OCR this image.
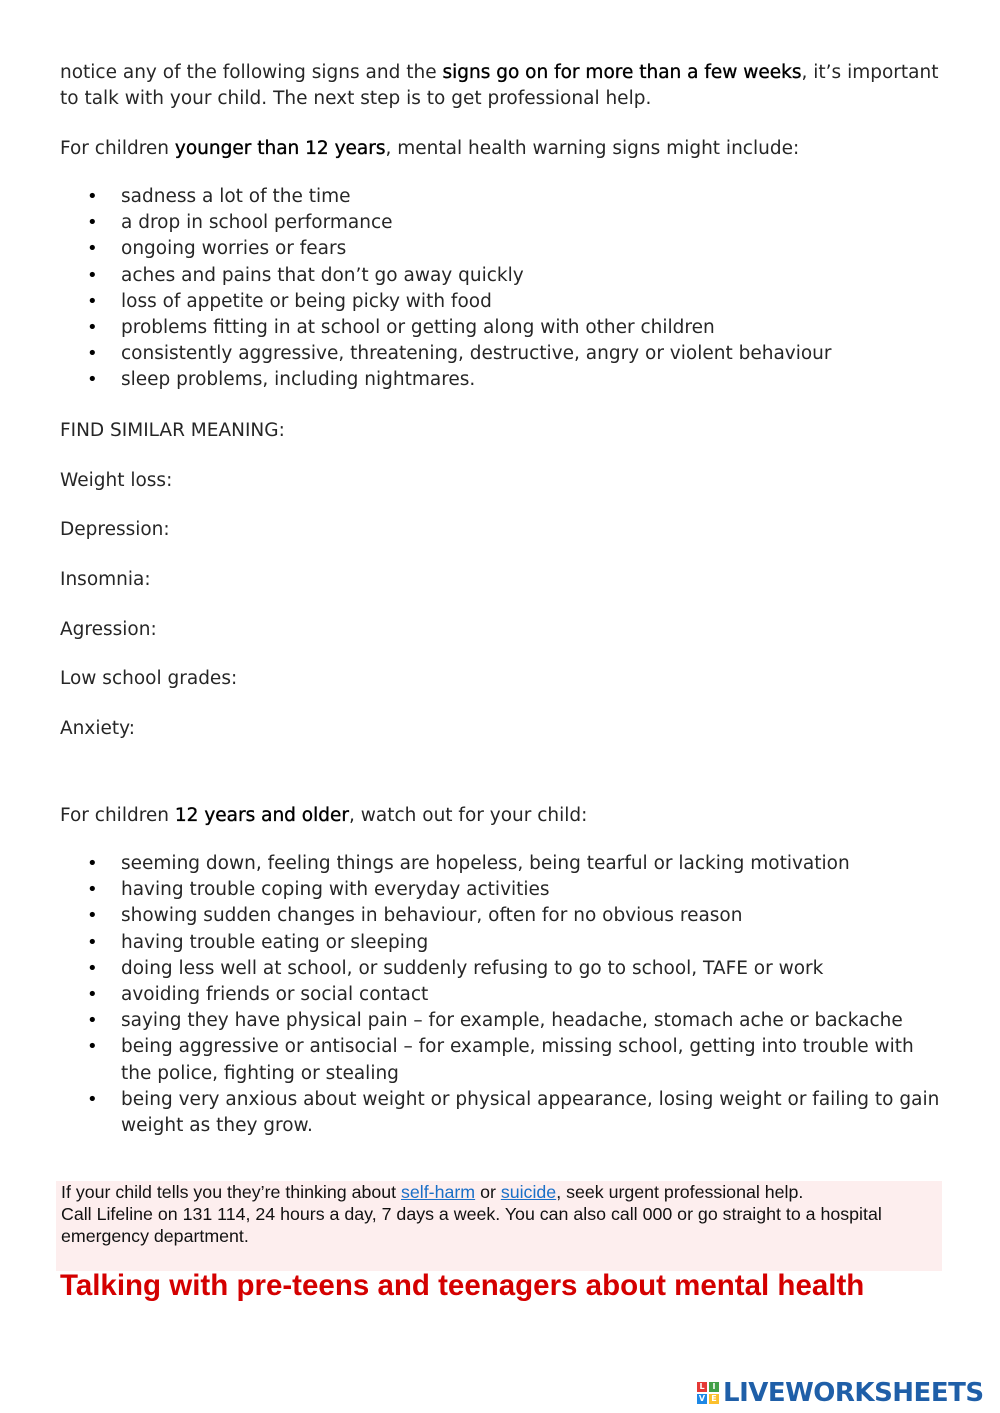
notice any of the following signs and the signs go on for more than a few weeks, it’s important to talk with your child. The next step is to get professional help.

For children younger than 12 years, mental health warning signs might include:

• sadness a lot of the time
• a drop in school performance
• ongoing worries or fears
• aches and pains that don’t go away quickly
• loss of appetite or being picky with food
• problems fitting in at school or getting along with other children
• consistently aggressive, threatening, destructive, angry or violent behaviour
• sleep problems, including nightmares.

FIND SIMILAR MEANING:

Weight loss:

Depression:

Insomnia:

Agression:

Low school grades:

Anxiety:

For children 12 years and older, watch out for your child:

• seeming down, feeling things are hopeless, being tearful or lacking motivation
• having trouble coping with everyday activities
• showing sudden changes in behaviour, often for no obvious reason
• having trouble eating or sleeping
• doing less well at school, or suddenly refusing to go to school, TAFE or work
• avoiding friends or social contact
• saying they have physical pain – for example, headache, stomach ache or backache
• being aggressive or antisocial – for example, missing school, getting into trouble with the police, fighting or stealing
• being very anxious about weight or physical appearance, losing weight or failing to gain weight as they grow.

If your child tells you they’re thinking about self-harm or suicide, seek urgent professional help.

Call Lifeline on 131 114, 24 hours a day, 7 days a week. You can also call 000 or go straight to a hospital emergency department.

Talking with pre-teens and teenagers about mental health
L I
V E LIVEWORKSHEETS
